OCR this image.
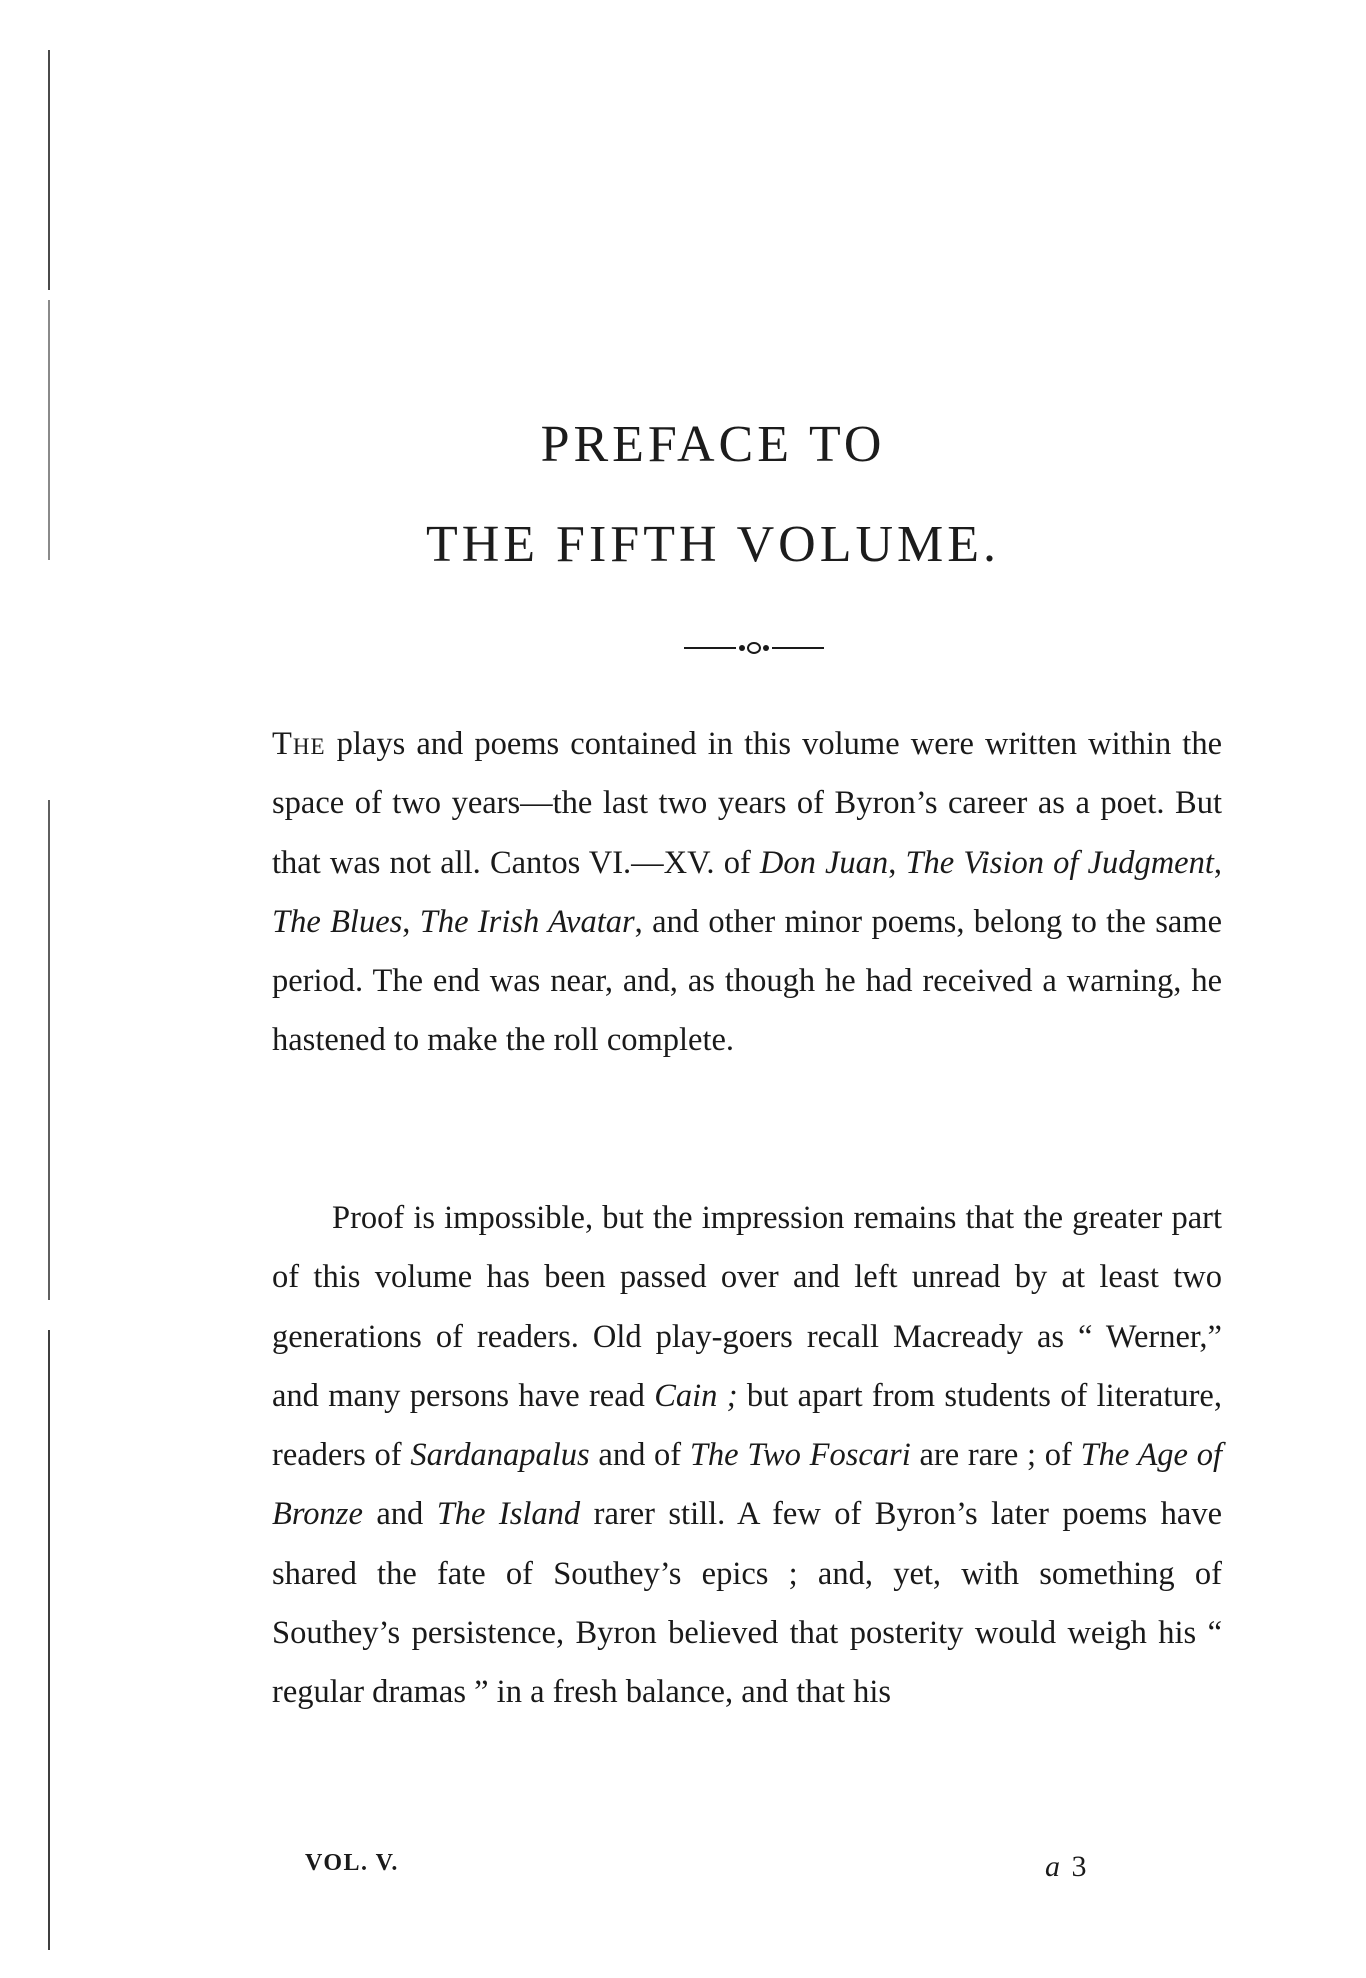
PREFACE TO
THE FIFTH VOLUME.

The plays and poems contained in this volume were written within the space of two years—the last two years of Byron’s career as a poet. But that was not all. Cantos VI.—XV. of Don Juan, The Vision of Judgment, The Blues, The Irish Avatar, and other minor poems, belong to the same period. The end was near, and, as though he had received a warning, he hastened to make the roll complete.

Proof is impossible, but the impression remains that the greater part of this volume has been passed over and left unread by at least two generations of readers. Old play-goers recall Macready as “ Werner,” and many persons have read Cain ; but apart from students of literature, readers of Sardanapalus and of The Two Foscari are rare ; of The Age of Bronze and The Island rarer still. A few of Byron’s later poems have shared the fate of Southey’s epics ; and, yet, with something of Southey’s persistence, Byron believed that posterity would weigh his “ regular dramas ” in a fresh balance, and that his

VOL. V.	a 3
